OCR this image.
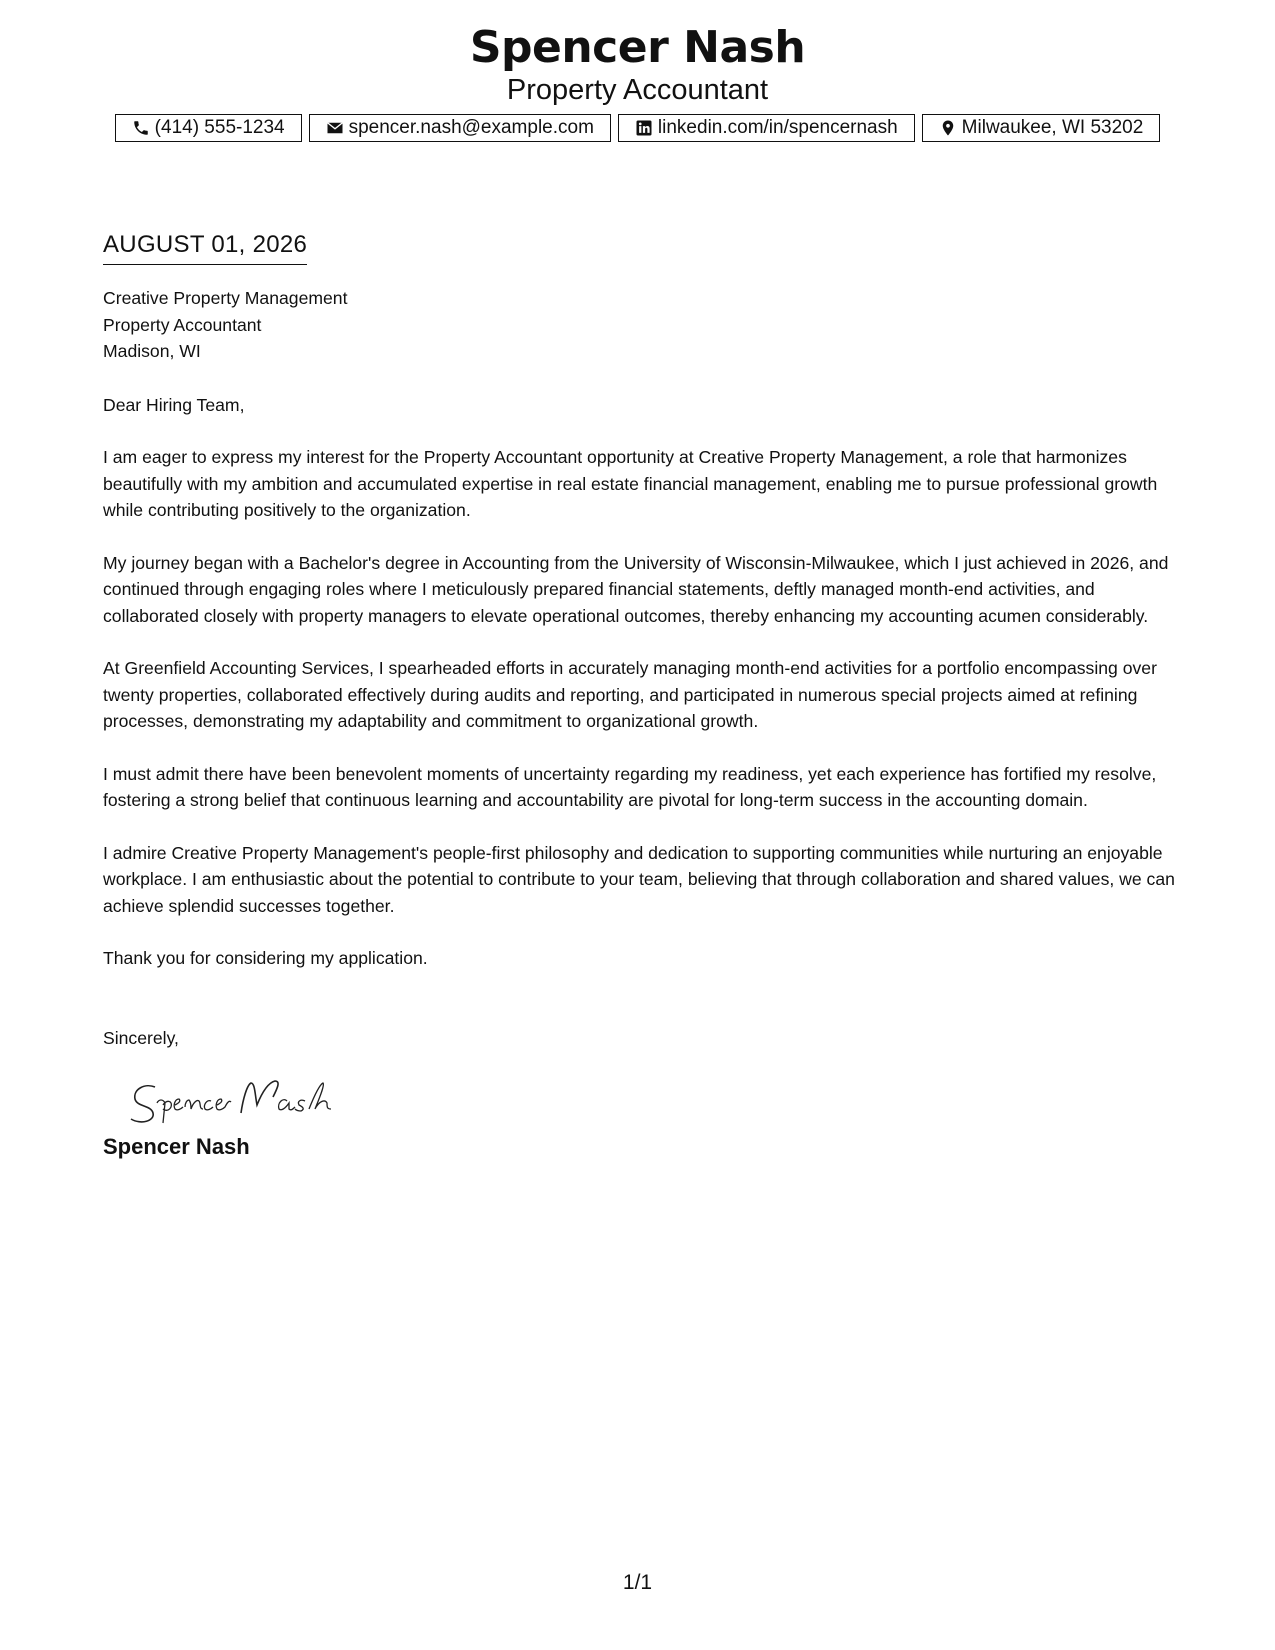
Spencer Nash
Property Accountant
(414) 555-1234	spencer.nash@example.com	linkedin.com/in/spencernash	Milwaukee, WI 53202
AUGUST 01, 2026
Creative Property Management
Property Accountant
Madison, WI

Dear Hiring Team,

I am eager to express my interest for the Property Accountant opportunity at Creative Property Management, a role that harmonizes beautifully with my ambition and accumulated expertise in real estate financial management, enabling me to pursue professional growth while contributing positively to the organization.

My journey began with a Bachelor's degree in Accounting from the University of Wisconsin-Milwaukee, which I just achieved in 2026, and continued through engaging roles where I meticulously prepared financial statements, deftly managed month-end activities, and collaborated closely with property managers to elevate operational outcomes, thereby enhancing my accounting acumen considerably.

At Greenfield Accounting Services, I spearheaded efforts in accurately managing month-end activities for a portfolio encompassing over twenty properties, collaborated effectively during audits and reporting, and participated in numerous special projects aimed at refining processes, demonstrating my adaptability and commitment to organizational growth.

I must admit there have been benevolent moments of uncertainty regarding my readiness, yet each experience has fortified my resolve, fostering a strong belief that continuous learning and accountability are pivotal for long-term success in the accounting domain.

I admire Creative Property Management's people-first philosophy and dedication to supporting communities while nurturing an enjoyable workplace. I am enthusiastic about the potential to contribute to your team, believing that through collaboration and shared values, we can achieve splendid successes together.

Thank you for considering my application.

Sincerely,
Spencer Nash
1/1
